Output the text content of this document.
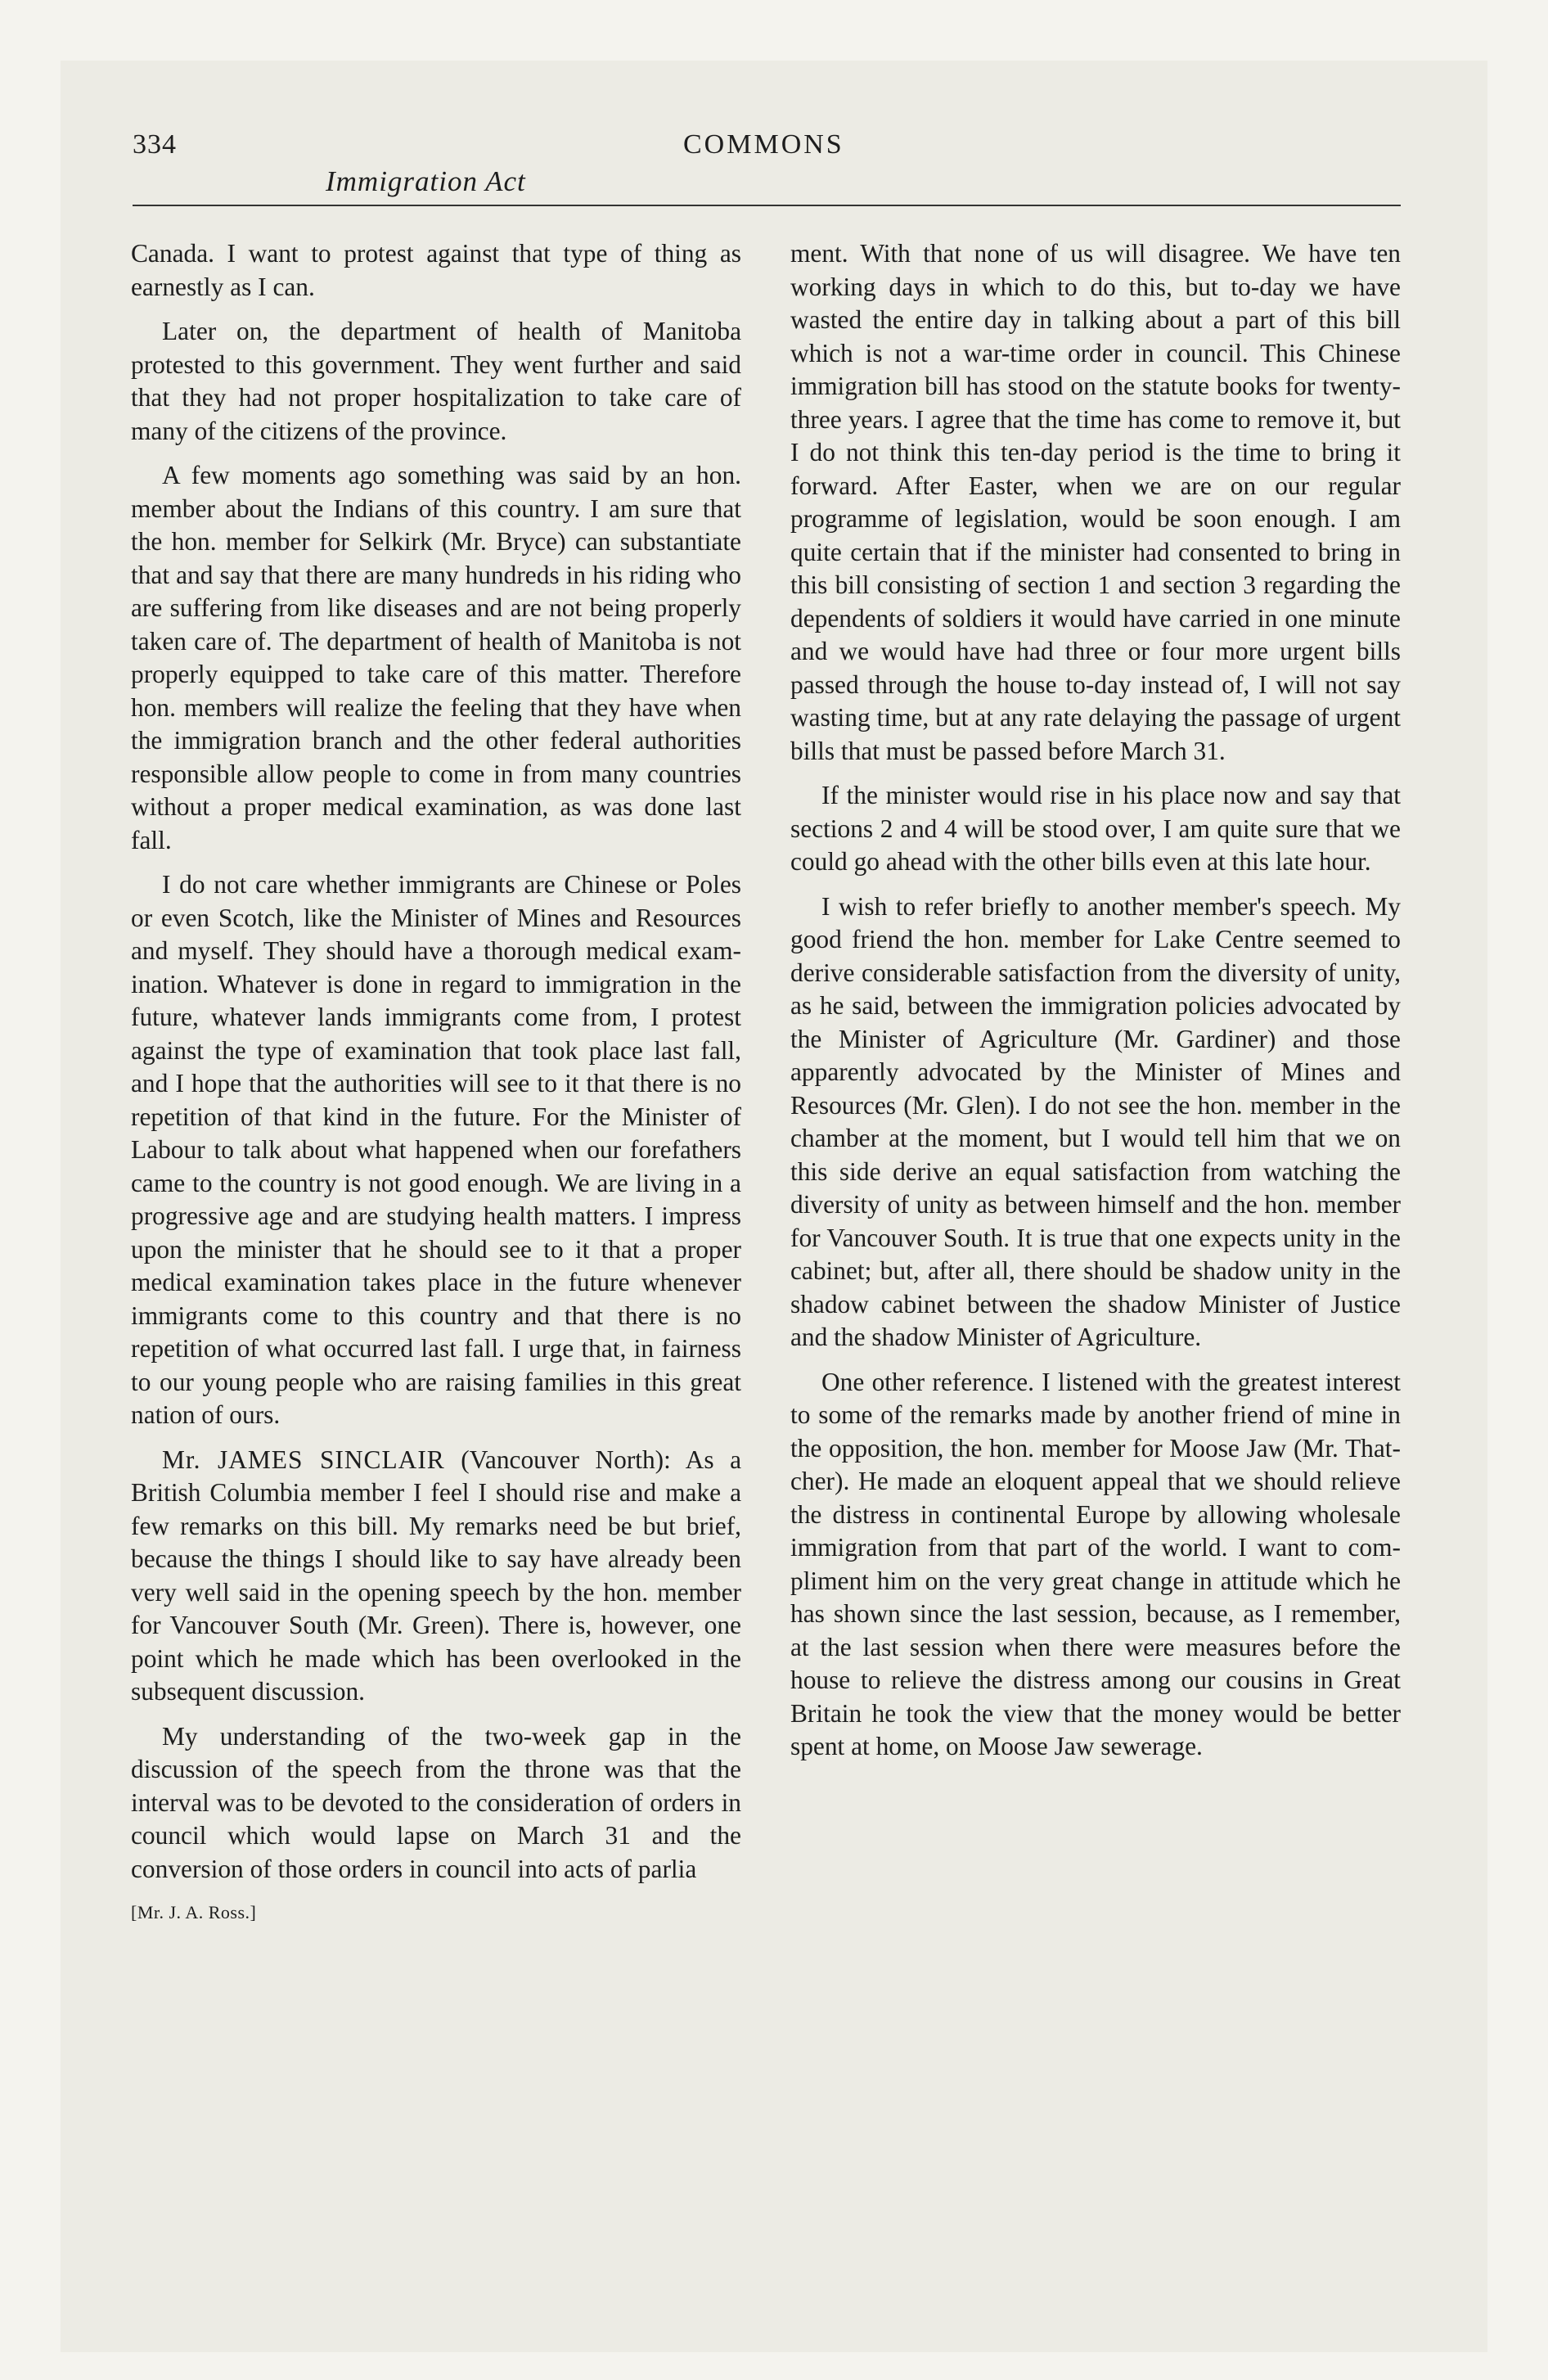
334	COMMONS
Immigration Act

Canada. I want to protest against that type of thing as earnestly as I can.

Later on, the department of health of Manitoba protested to this government. They went further and said that they had not proper hospitalization to take care of many of the citizens of the province.

A few moments ago something was said by an hon. member about the Indians of this country. I am sure that the hon. member for Selkirk (Mr. Bryce) can substantiate that and say that there are many hundreds in his riding who are suffering from like diseases and are not being properly taken care of. The department of health of Manitoba is not properly equipped to take care of this matter. Therefore hon. members will realize the feeling that they have when the immigration branch and the other federal authorities responsible allow people to come in from many countries without a proper medical examination, as was done last fall.

I do not care whether immigrants are Chinese or Poles or even Scotch, like the Minister of Mines and Resources and myself. They should have a thorough medical examination. Whatever is done in regard to immigration in the future, whatever lands immigrants come from, I protest against the type of examination that took place last fall, and I hope that the authorities will see to it that there is no repetition of that kind in the future. For the Minister of Labour to talk about what happened when our forefathers came to the country is not good enough. We are living in a progressive age and are studying health matters. I impress upon the minister that he should see to it that a proper medical examination takes place in the future whenever immigrants come to this country and that there is no repetition of what occurred last fall. I urge that, in fairness to our young people who are raising families in this great nation of ours.

Mr. JAMES SINCLAIR (Vancouver North): As a British Columbia member I feel I should rise and make a few remarks on this bill. My remarks need be but brief, because the things I should like to say have already been very well said in the opening speech by the hon. member for Vancouver South (Mr. Green). There is, however, one point which he made which has been overlooked in the subsequent discussion.

My understanding of the two-week gap in the discussion of the speech from the throne was that the interval was to be devoted to the consideration of orders in council which would lapse on March 31 and the conversion of those orders in council into acts of parlia

[Mr. J. A. Ross.]

ment. With that none of us will disagree. We have ten working days in which to do this, but to-day we have wasted the entire day in talking about a part of this bill which is not a war-time order in council. This Chinese immigration bill has stood on the statute books for twenty-three years. I agree that the time has come to remove it, but I do not think this ten-day period is the time to bring it forward. After Easter, when we are on our regular programme of legislation, would be soon enough. I am quite certain that if the minister had consented to bring in this bill consisting of section 1 and section 3 regarding the dependents of soldiers it would have carried in one minute and we would have had three or four more urgent bills passed through the house to-day instead of, I will not say wasting time, but at any rate delaying the passage of urgent bills that must be passed before March 31.

If the minister would rise in his place now and say that sections 2 and 4 will be stood over, I am quite sure that we could go ahead with the other bills even at this late hour.

I wish to refer briefly to another member's speech. My good friend the hon. member for Lake Centre seemed to derive considerable satisfaction from the diversity of unity, as he said, between the immigration policies advocated by the Minister of Agriculture (Mr. Gardiner) and those apparently advocated by the Minister of Mines and Resources (Mr. Glen). I do not see the hon. member in the chamber at the moment, but I would tell him that we on this side derive an equal satisfaction from watching the diversity of unity as between himself and the hon. member for Vancouver South. It is true that one expects unity in the cabinet; but, after all, there should be shadow unity in the shadow cabinet between the shadow Minister of Justice and the shadow Minister of Agriculture.

One other reference. I listened with the greatest interest to some of the remarks made by another friend of mine in the opposition, the hon. member for Moose Jaw (Mr. Thatcher). He made an eloquent appeal that we should relieve the distress in continental Europe by allowing wholesale immigration from that part of the world. I want to compliment him on the very great change in attitude which he has shown since the last session, because, as I remember, at the last session when there were measures before the house to relieve the distress among our cousins in Great Britain he took the view that the money would be better spent at home, on Moose Jaw sewerage.
